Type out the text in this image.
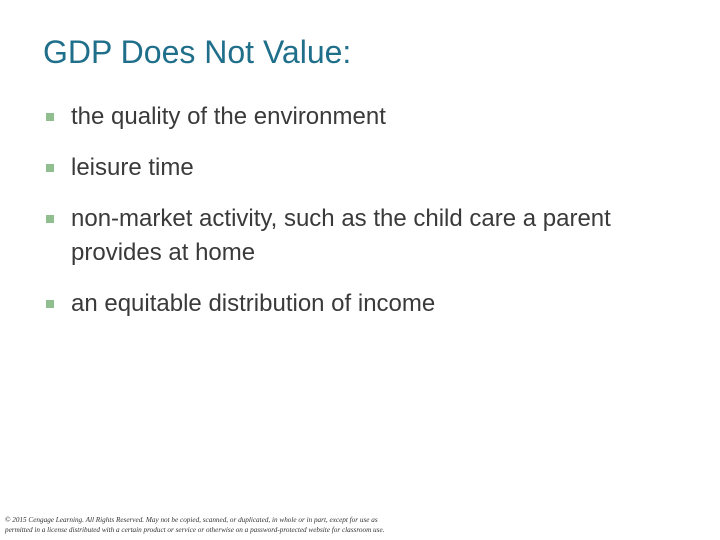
GDP Does Not Value:
the quality of the environment
leisure time
non-market activity, such as the child care a parent provides at home
an equitable distribution of income
© 2015 Cengage Learning. All Rights Reserved. May not be copied, scanned, or duplicated, in whole or in part, except for use as
permitted in a license distributed with a certain product or service or otherwise on a password-protected website for classroom use.
